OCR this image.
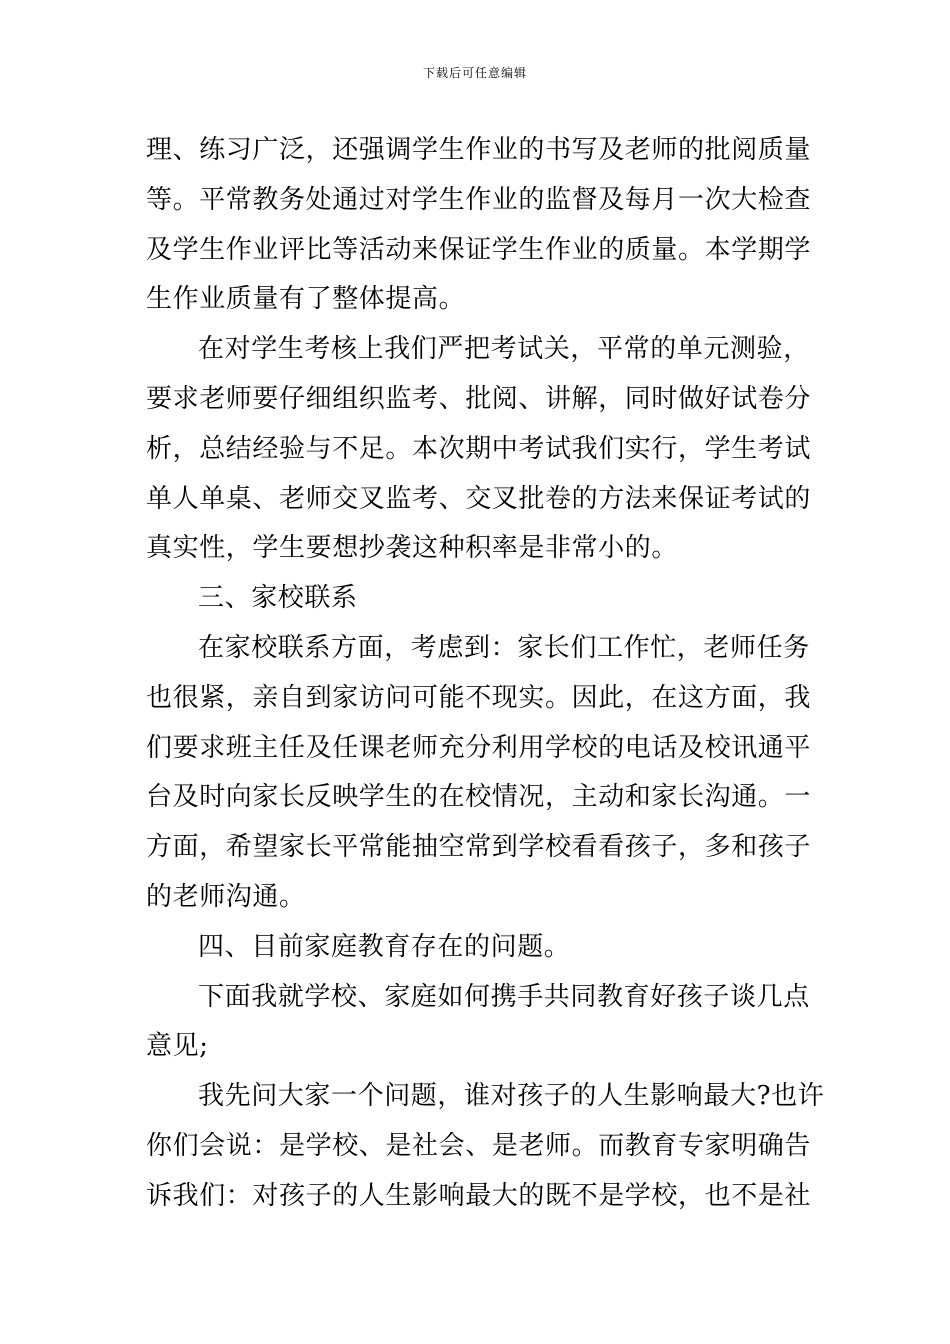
下载后可任意编辑
理、练习广泛，还强调学生作业的书写及老师的批阅质量
等。平常教务处通过对学生作业的监督及每月一次大检查
及学生作业评比等活动来保证学生作业的质量。本学期学
生作业质量有了整体提高。
在对学生考核上我们严把考试关，平常的单元测验，
要求老师要仔细组织监考、批阅、讲解，同时做好试卷分
析，总结经验与不足。本次期中考试我们实行，学生考试
单人单桌、老师交叉监考、交叉批卷的方法来保证考试的
真实性，学生要想抄袭这种积率是非常小的。
三、家校联系
在家校联系方面，考虑到：家长们工作忙，老师任务
也很紧，亲自到家访问可能不现实。因此，在这方面，我
们要求班主任及任课老师充分利用学校的电话及校讯通平
台及时向家长反映学生的在校情况，主动和家长沟通。一
方面，希望家长平常能抽空常到学校看看孩子，多和孩子
的老师沟通。
四、目前家庭教育存在的问题。
下面我就学校、家庭如何携手共同教育好孩子谈几点
意见;
我先问大家一个问题，谁对孩子的人生影响最大?也许
你们会说：是学校、是社会、是老师。而教育专家明确告
诉我们：对孩子的人生影响最大的既不是学校，也不是社
